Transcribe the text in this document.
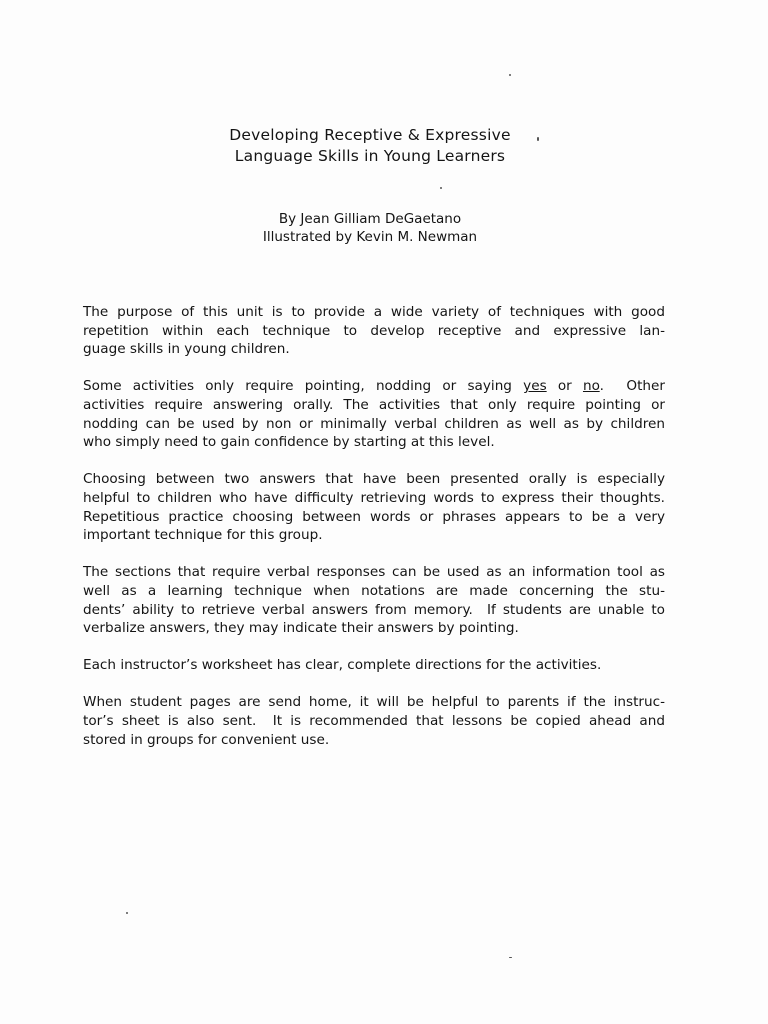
Developing Receptive & Expressive
Language Skills in Young Learners
By Jean Gilliam DeGaetano
Illustrated by Kevin M. Newman

The purpose of this unit is to provide a wide variety of techniques with good
repetition within each technique to develop receptive and expressive lan-
guage skills in young children.

Some activities only require pointing, nodding or saying yes or no.  Other
activities require answering orally. The activities that only require pointing or
nodding can be used by non or minimally verbal children as well as by children
who simply need to gain confidence by starting at this level.

Choosing between two answers that have been presented orally is especially
helpful to children who have difficulty retrieving words to express their thoughts.
Repetitious practice choosing between words or phrases appears to be a very
important technique for this group.

The sections that require verbal responses can be used as an information tool as
well as a learning technique when notations are made concerning the stu-
dents’ ability to retrieve verbal answers from memory.  If students are unable to
verbalize answers, they may indicate their answers by pointing.

Each instructor’s worksheet has clear, complete directions for the activities.

When student pages are send home, it will be helpful to parents if the instruc-
tor’s sheet is also sent.  It is recommended that lessons be copied ahead and
stored in groups for convenient use.
